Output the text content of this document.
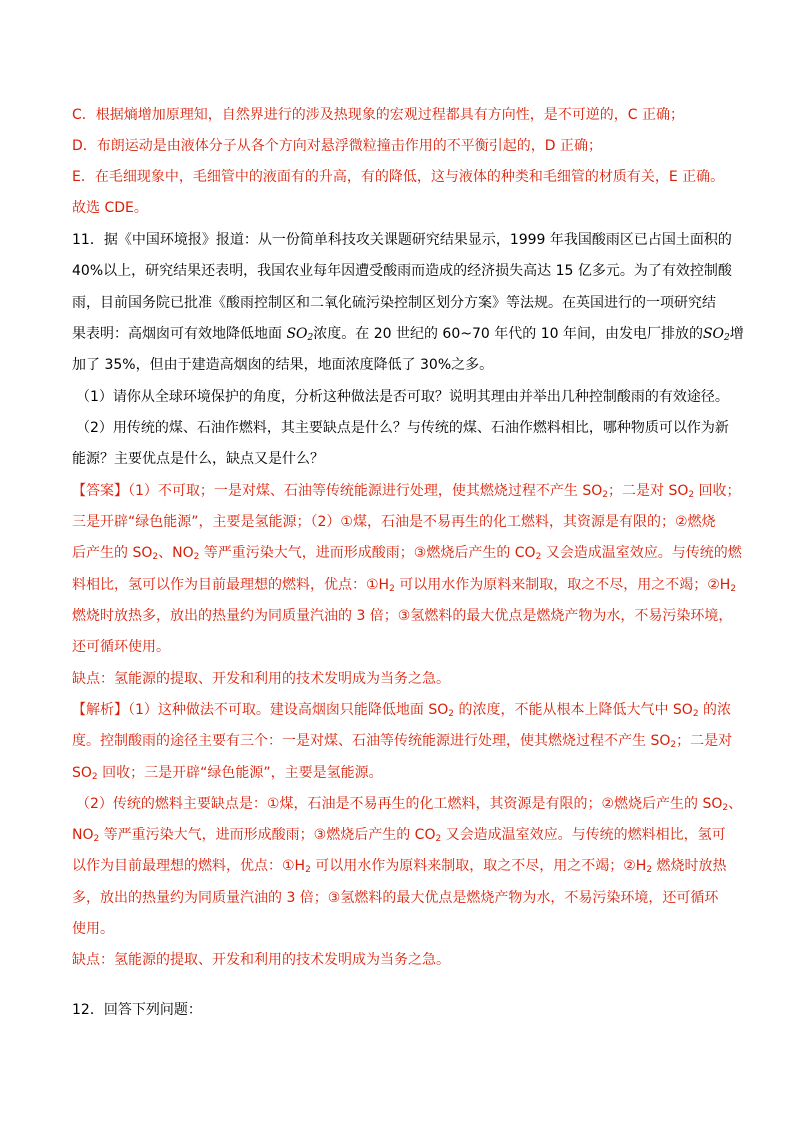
C．根据熵增加原理知，自然界进行的涉及热现象的宏观过程都具有方向性，是不可逆的，C 正确；
D．布朗运动是由液体分子从各个方向对悬浮微粒撞击作用的不平衡引起的，D 正确；
E．在毛细现象中，毛细管中的液面有的升高，有的降低，这与液体的种类和毛细管的材质有关，E 正确。
故选 CDE。
11．据《中国环境报》报道：从一份简单科技攻关课题研究结果显示，1999 年我国酸雨区已占国土面积的
40%以上，研究结果还表明，我国农业每年因遭受酸雨而造成的经济损失高达 15 亿多元。为了有效控制酸
雨，目前国务院已批准《酸雨控制区和二氧化硫污染控制区划分方案》等法规。在英国进行的一项研究结
果表明：高烟囱可有效地降低地面 $SO_2$浓度。在 20 世纪的 60~70 年代的 10 年间，由发电厂排放的$SO_2$增
加了 35%，但由于建造高烟囱的结果，地面浓度降低了 30%之多。
（1）请你从全球环境保护的角度，分析这种做法是否可取？说明其理由并举出几种控制酸雨的有效途径。
（2）用传统的煤、石油作燃料，其主要缺点是什么？与传统的煤、石油作燃料相比，哪种物质可以作为新
能源？主要优点是什么，缺点又是什么？
【答案】（1）不可取；一是对煤、石油等传统能源进行处理，使其燃烧过程不产生 $SO_2$；二是对 $SO_2$ 回收；
三是开辟“绿色能源”，主要是氢能源；（2）①煤，石油是不易再生的化工燃料，其资源是有限的；②燃烧
后产生的 $SO_2$、$NO_2$ 等严重污染大气，进而形成酸雨；③燃烧后产生的 $CO_2$ 又会造成温室效应。与传统的燃
料相比，氢可以作为目前最理想的燃料，优点：$①H_2$ 可以用水作为原料来制取，取之不尽，用之不竭；$②H_2$
燃烧时放热多，放出的热量约为同质量汽油的 3 倍；③氢燃料的最大优点是燃烧产物为水，不易污染环境，
还可循环使用。
缺点：氢能源的提取、开发和利用的技术发明成为当务之急。
【解析】（1）这种做法不可取。建设高烟囱只能降低地面 $SO_2$ 的浓度，不能从根本上降低大气中 $SO_2$ 的浓
度。控制酸雨的途径主要有三个：一是对煤、石油等传统能源进行处理，使其燃烧过程不产生 $SO_2$；二是对
$SO_2$ 回收；三是开辟“绿色能源”，主要是氢能源。
（2）传统的燃料主要缺点是：①煤，石油是不易再生的化工燃料，其资源是有限的；②燃烧后产生的 $SO_2$、
$NO_2$ 等严重污染大气，进而形成酸雨；③燃烧后产生的 $CO_2$ 又会造成温室效应。与传统的燃料相比，氢可
以作为目前最理想的燃料，优点：$①H_2$ 可以用水作为原料来制取，取之不尽，用之不竭；$②H_2$ 燃烧时放热
多，放出的热量约为同质量汽油的 3 倍；③氢燃料的最大优点是燃烧产物为水，不易污染环境，还可循环
使用。
缺点：氢能源的提取、开发和利用的技术发明成为当务之急。
12．回答下列问题：
